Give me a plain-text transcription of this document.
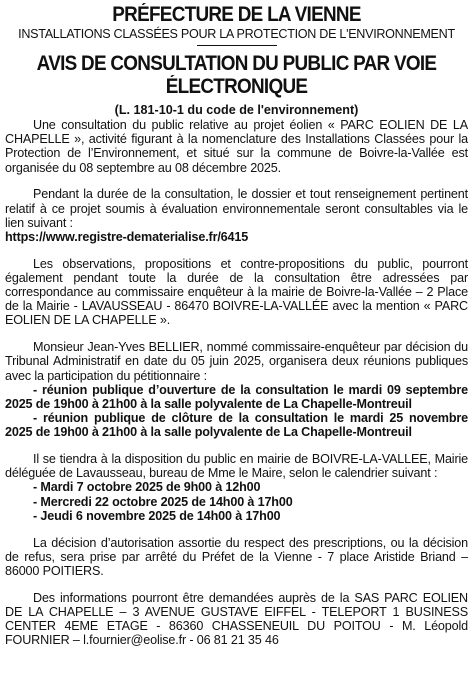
PRÉFECTURE DE LA VIENNE
INSTALLATIONS CLASSÉES POUR LA PROTECTION DE L'ENVIRONNEMENT
AVIS DE CONSULTATION DU PUBLIC PAR VOIE
ÉLECTRONIQUE
(L. 181-10-1 du code de l'environnement)

Une consultation du public relative au projet éolien « PARC EOLIEN DE LA CHAPELLE », activité figurant à la nomenclature des Installations Classées pour la Protection de l’Environnement, et situé sur la commune de Boivre-la-Vallée est organisée du 08 septembre au 08 décembre 2025.

Pendant la durée de la consultation, le dossier et tout renseignement pertinent relatif à ce projet soumis à évaluation environnementale seront consultables via le lien suivant :

https://www.registre-dematerialise.fr/6415

Les observations, propositions et contre-propositions du public, pourront également pendant toute la durée de la consultation être adressées par correspondance au commissaire enquêteur à la mairie de Boivre-la-Vallée – 2 Place de la Mairie - LAVAUSSEAU - 86470 BOIVRE-LA-VALLÉE avec la mention « PARC EOLIEN DE LA CHAPELLE ».

Monsieur Jean-Yves BELLIER, nommé commissaire-enquêteur par décision du Tribunal Administratif en date du 05 juin 2025, organisera deux réunions publiques avec la participation du pétitionnaire :

- réunion publique d’ouverture de la consultation le mardi 09 septembre 2025 de 19h00 à 21h00 à la salle polyvalente de La Chapelle-Montreuil

- réunion publique de clôture de la consultation le mardi 25 novembre 2025 de 19h00 à 21h00 à la salle polyvalente de La Chapelle-Montreuil

Il se tiendra à la disposition du public en mairie de BOIVRE-LA-VALLEE, Mairie déléguée de Lavausseau, bureau de Mme le Maire, selon le calendrier suivant :

- Mardi 7 octobre 2025 de 9h00 à 12h00
- Mercredi 22 octobre 2025 de 14h00 à 17h00
- Jeudi 6 novembre 2025 de 14h00 à 17h00

La décision d’autorisation assortie du respect des prescriptions, ou la décision de refus, sera prise par arrêté du Préfet de la Vienne - 7 place Aristide Briand – 86000 POITIERS.

Des informations pourront être demandées auprès de la SAS PARC EOLIEN DE LA CHAPELLE – 3 AVENUE GUSTAVE EIFFEL - TELEPORT 1 BUSINESS CENTER 4EME ETAGE - 86360 CHASSENEUIL DU POITOU - M. Léopold FOURNIER – l.fournier@eolise.fr - 06 81 21 35 46
